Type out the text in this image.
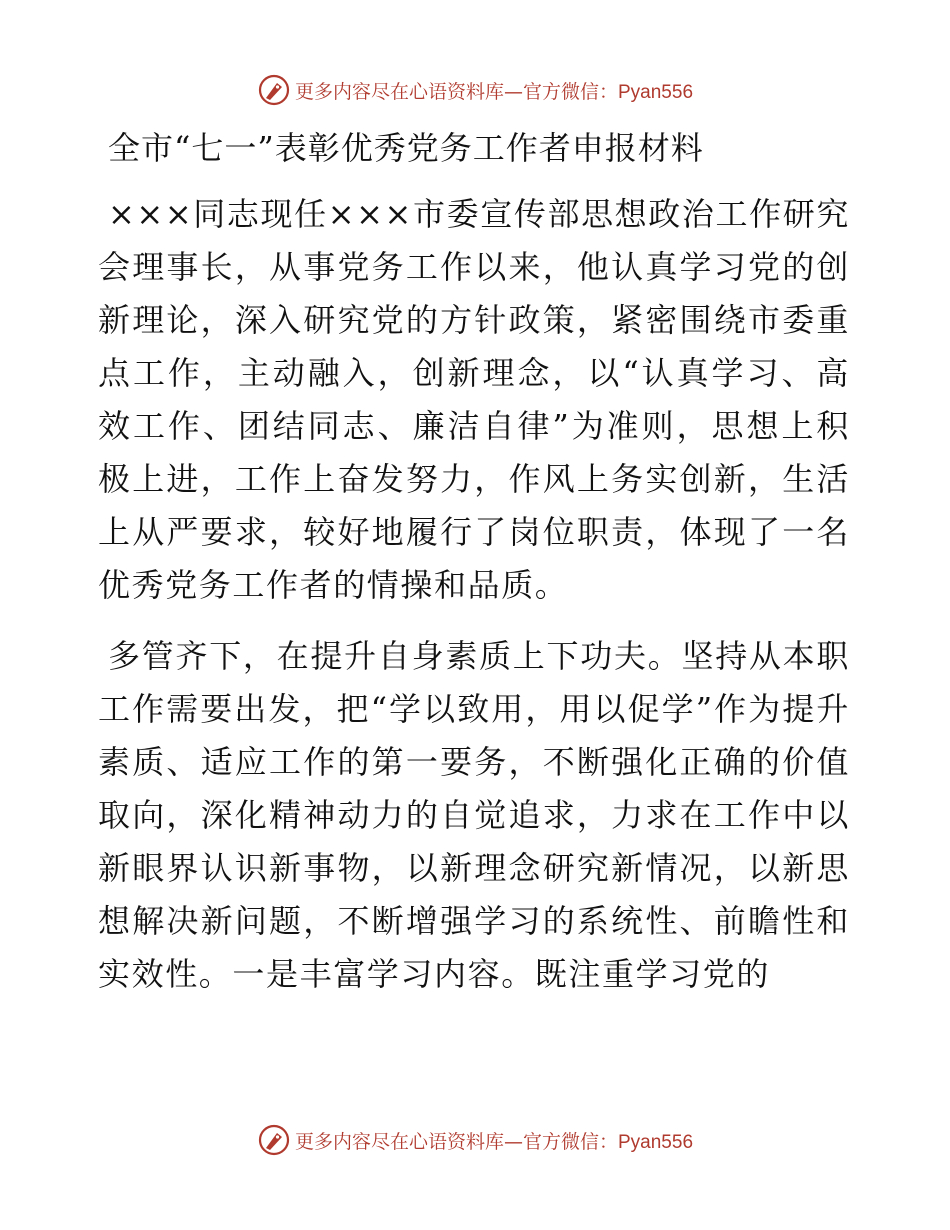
更多内容尽在心语资料库—官方微信：Pyan556
全市“七一”表彰优秀党务工作者申报材料

×××同志现任×××市委宣传部思想政治工作研究会理事长，从事党务工作以来，他认真学习党的创新理论，深入研究党的方针政策，紧密围绕市委重点工作，主动融入，创新理念，以“认真学习、高效工作、团结同志、廉洁自律”为准则，思想上积极上进，工作上奋发努力，作风上务实创新，生活上从严要求，较好地履行了岗位职责，体现了一名优秀党务工作者的情操和品质。

多管齐下，在提升自身素质上下功夫。坚持从本职工作需要出发，把“学以致用，用以促学”作为提升素质、适应工作的第一要务，不断强化正确的价值取向，深化精神动力的自觉追求，力求在工作中以新眼界认识新事物，以新理念研究新情况，以新思想解决新问题，不断增强学习的系统性、前瞻性和实效性。一是丰富学习内容。既注重学习党的

更多内容尽在心语资料库—官方微信：Pyan556
